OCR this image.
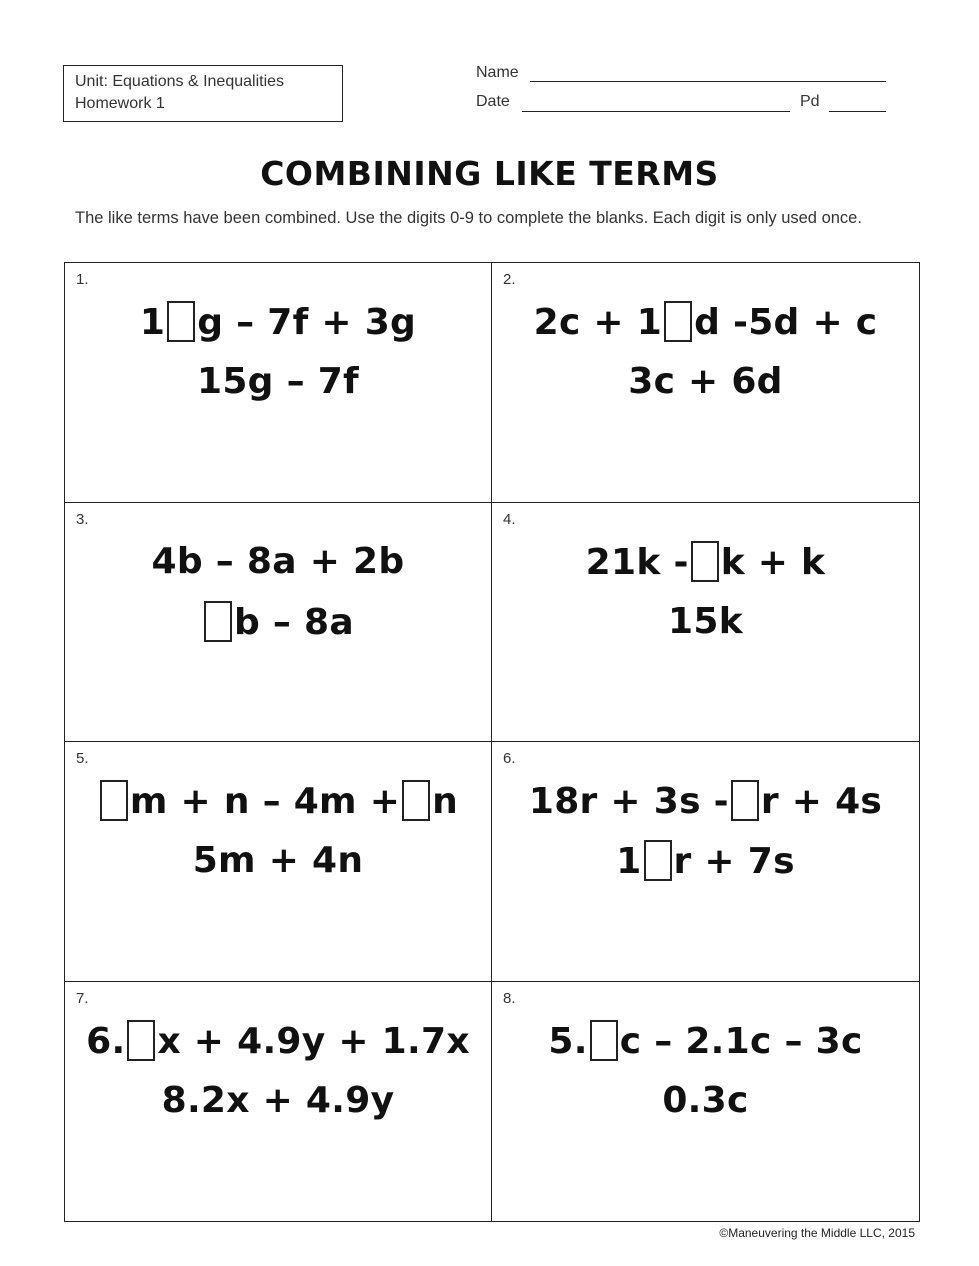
Unit: Equations & Inequalities
Homework 1
Name
Date	Pd
COMBINING LIKE TERMS
The like terms have been combined. Use the digits 0-9 to complete the blanks. Each digit is only used once.
1.
1 g – 7f + 3g
15g – 7f
2.
2c + 1 d -5d + c
3c + 6d
3.
4b – 8a + 2b
b – 8a
4.
21k - k + k
15k
5.
m + n – 4m + n
5m + 4n
6.
18r + 3s - r + 4s
1 r + 7s
7.
6. x + 4.9y + 1.7x
8.2x + 4.9y
8.
5. c – 2.1c – 3c
0.3c
©Maneuvering the Middle LLC, 2015
